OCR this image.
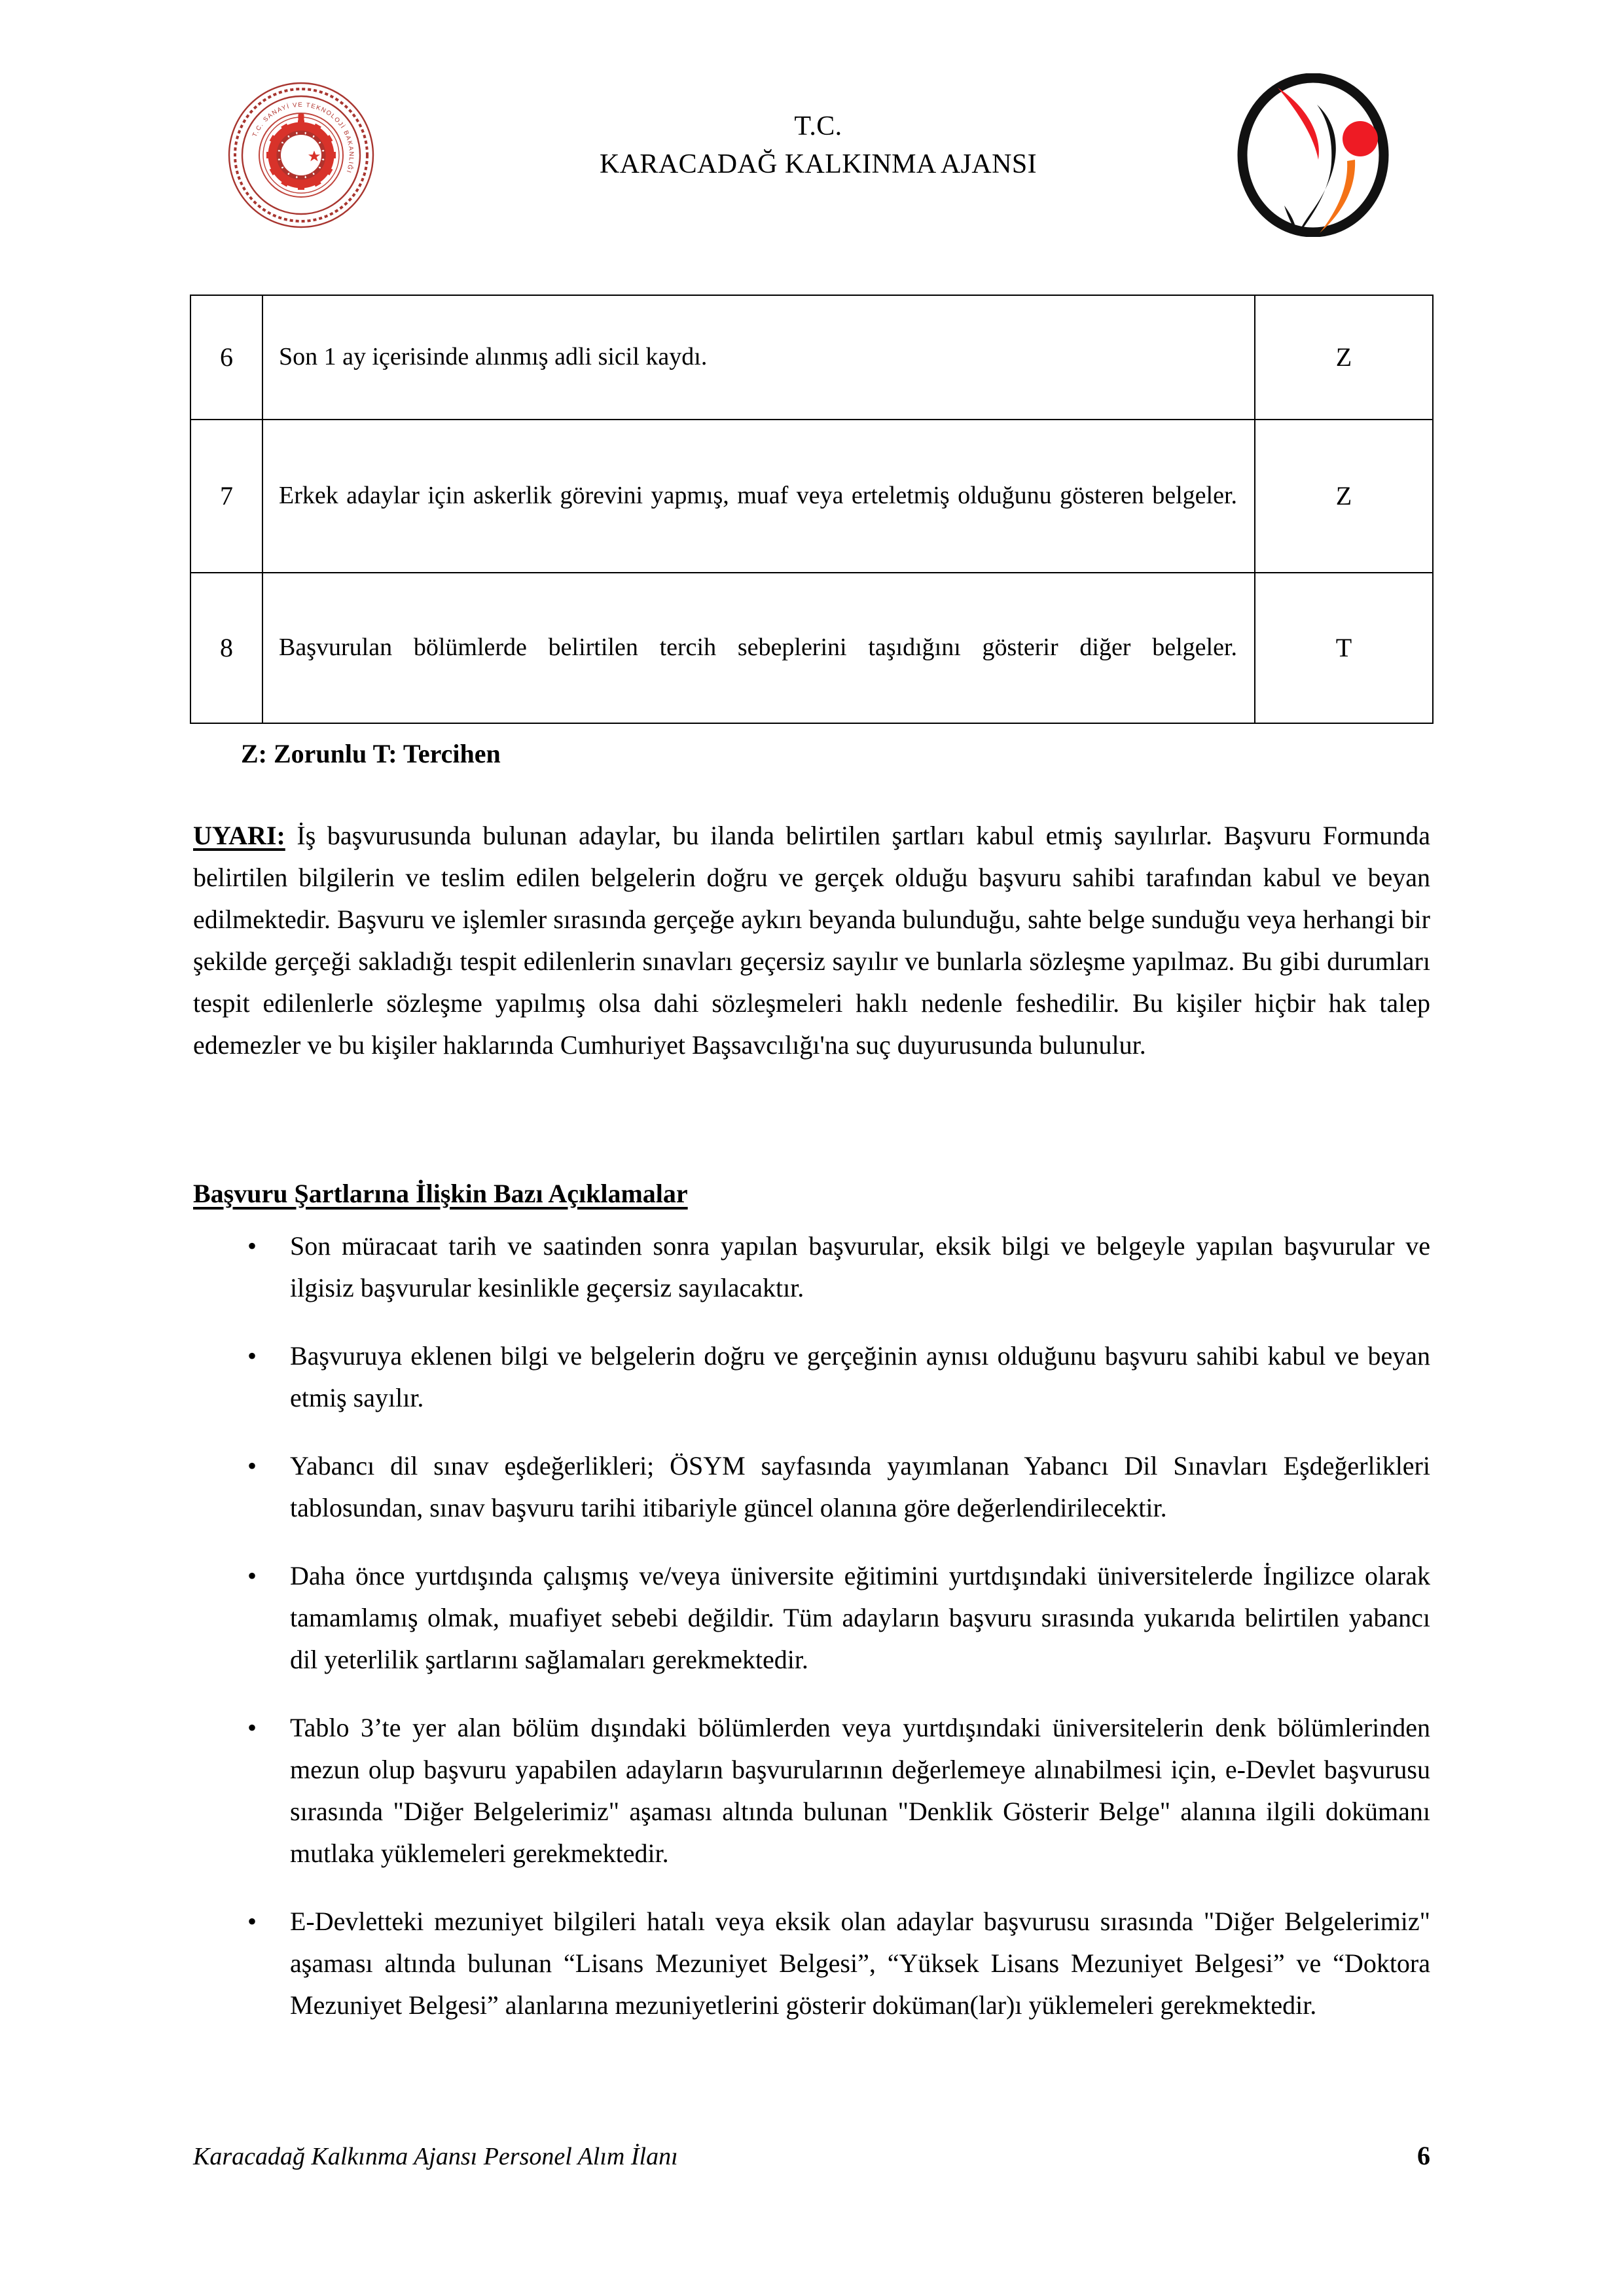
T.C. SANAYİ VE TEKNOLOJİ BAKANLIĞI
T.C.
KARACADAĞ KALKINMA AJANSI
6	Son 1 ay içerisinde alınmış adli sicil kaydı.	Z
7	Erkek adaylar için askerlik görevini yapmış, muaf veya erteletmiş olduğunu gösteren belgeler.	Z
8	Başvurulan bölümlerde belirtilen tercih sebeplerini taşıdığını gösterir diğer belgeler.	T
Z: Zorunlu T: Tercihen

UYARI: İş başvurusunda bulunan adaylar, bu ilanda belirtilen şartları kabul etmiş sayılırlar. Başvuru Formunda belirtilen bilgilerin ve teslim edilen belgelerin doğru ve gerçek olduğu başvuru sahibi tarafından kabul ve beyan edilmektedir. Başvuru ve işlemler sırasında gerçeğe aykırı beyanda bulunduğu, sahte belge sunduğu veya herhangi bir şekilde gerçeği sakladığı tespit edilenlerin sınavları geçersiz sayılır ve bunlarla sözleşme yapılmaz. Bu gibi durumları tespit edilenlerle sözleşme yapılmış olsa dahi sözleşmeleri haklı nedenle feshedilir. Bu kişiler hiçbir hak talep edemezler ve bu kişiler haklarında Cumhuriyet Başsavcılığı'na suç duyurusunda bulunulur.

Başvuru Şartlarına İlişkin Bazı Açıklamalar
• Son müracaat tarih ve saatinden sonra yapılan başvurular, eksik bilgi ve belgeyle yapılan başvurular ve ilgisiz başvurular kesinlikle geçersiz sayılacaktır.
• Başvuruya eklenen bilgi ve belgelerin doğru ve gerçeğinin aynısı olduğunu başvuru sahibi kabul ve beyan etmiş sayılır.
• Yabancı dil sınav eşdeğerlikleri; ÖSYM sayfasında yayımlanan Yabancı Dil Sınavları Eşdeğerlikleri tablosundan, sınav başvuru tarihi itibariyle güncel olanına göre değerlendirilecektir.
• Daha önce yurtdışında çalışmış ve/veya üniversite eğitimini yurtdışındaki üniversitelerde İngilizce olarak tamamlamış olmak, muafiyet sebebi değildir. Tüm adayların başvuru sırasında yukarıda belirtilen yabancı dil yeterlilik şartlarını sağlamaları gerekmektedir.
• Tablo 3’te yer alan bölüm dışındaki bölümlerden veya yurtdışındaki üniversitelerin denk bölümlerinden mezun olup başvuru yapabilen adayların başvurularının değerlemeye alınabilmesi için, e-Devlet başvurusu sırasında "Diğer Belgelerimiz" aşaması altında bulunan "Denklik Gösterir Belge" alanına ilgili dokümanı mutlaka yüklemeleri gerekmektedir.
• E-Devletteki mezuniyet bilgileri hatalı veya eksik olan adaylar başvurusu sırasında "Diğer Belgelerimiz" aşaması altında bulunan “Lisans Mezuniyet Belgesi”, “Yüksek Lisans Mezuniyet Belgesi” ve “Doktora Mezuniyet Belgesi” alanlarına mezuniyetlerini gösterir doküman(lar)ı yüklemeleri gerekmektedir.
Karacadağ Kalkınma Ajansı Personel Alım İlanı	6
